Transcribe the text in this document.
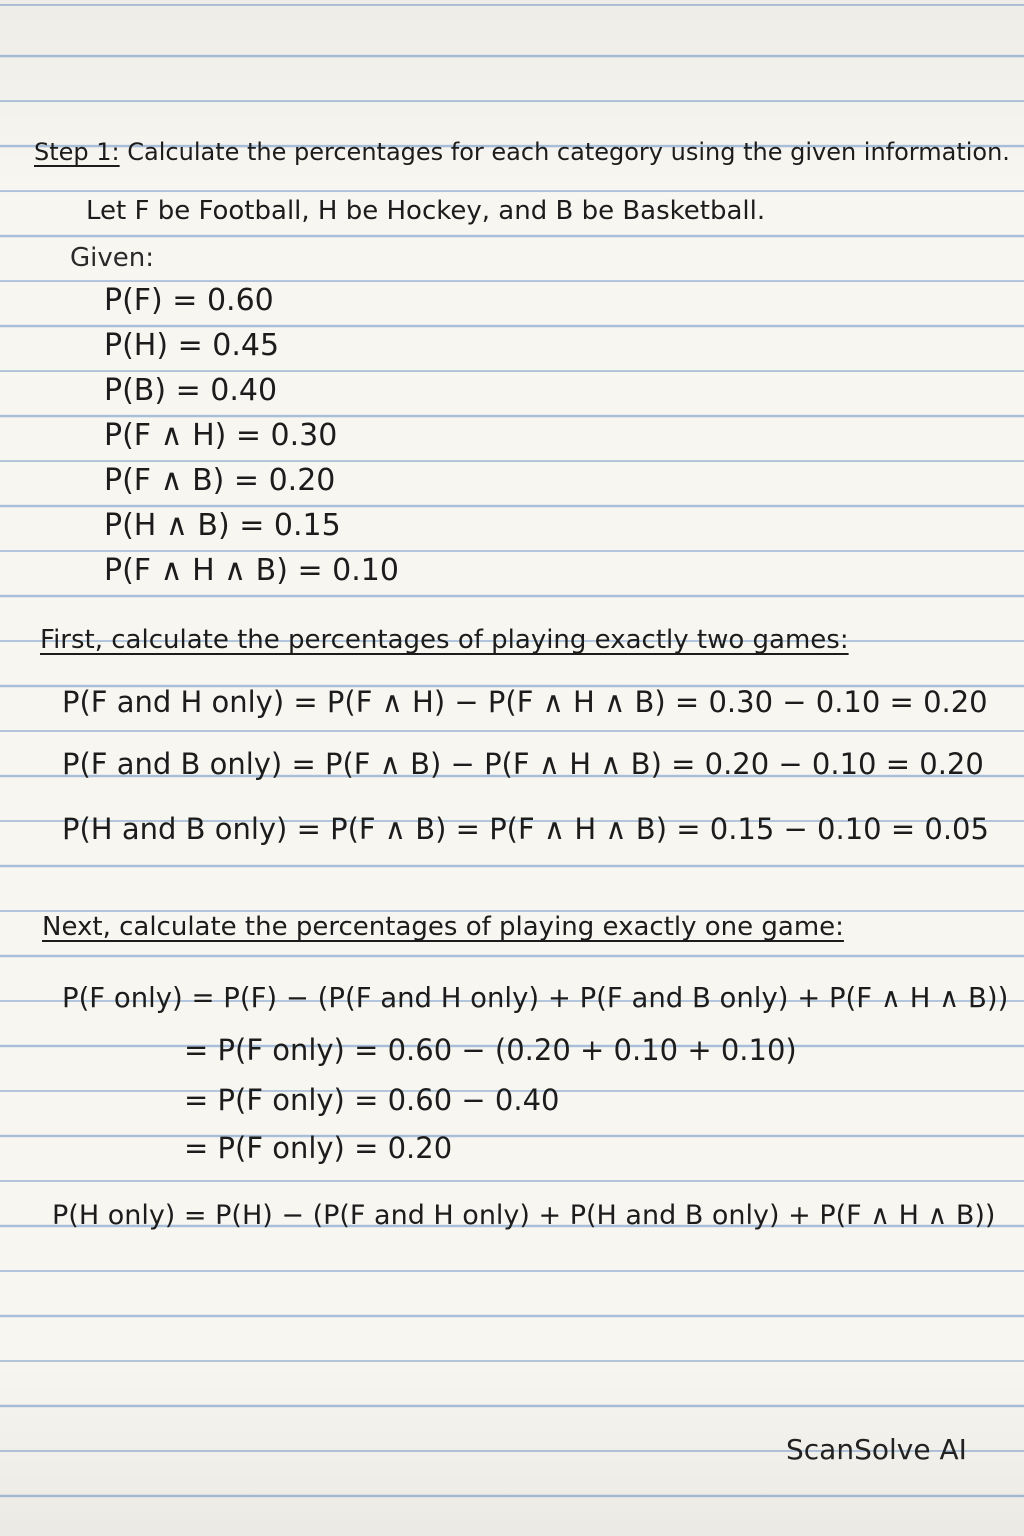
Step 1: Calculate the percentages for each category using the given information.
Let F be Football, H be Hockey, and B be Basketball.
Given:
P(F) = 0.60
P(H) = 0.45
P(B) = 0.40
P(F ∧ H) = 0.30
P(F ∧ B) = 0.20
P(H ∧ B) = 0.15
P(F ∧ H ∧ B) = 0.10
First, calculate the percentages of playing exactly two games:
P(F and H only) = P(F ∧ H) − P(F ∧ H ∧ B) = 0.30 − 0.10 = 0.20
P(F and B only) = P(F ∧ B) − P(F ∧ H ∧ B) = 0.20 − 0.10 = 0.20
P(H and B only) = P(F ∧ B) = P(F ∧ H ∧ B) = 0.15 − 0.10 = 0.05
Next, calculate the percentages of playing exactly one game:
P(F only) = P(F) − (P(F and H only) + P(F and B only) + P(F ∧ H ∧ B))
= P(F only) = 0.60 − (0.20 + 0.10 + 0.10)
= P(F only) = 0.60 − 0.40
= P(F only) = 0.20
P(H only) = P(H) − (P(F and H only) + P(H and B only) + P(F ∧ H ∧ B))
ScanSolve AI
